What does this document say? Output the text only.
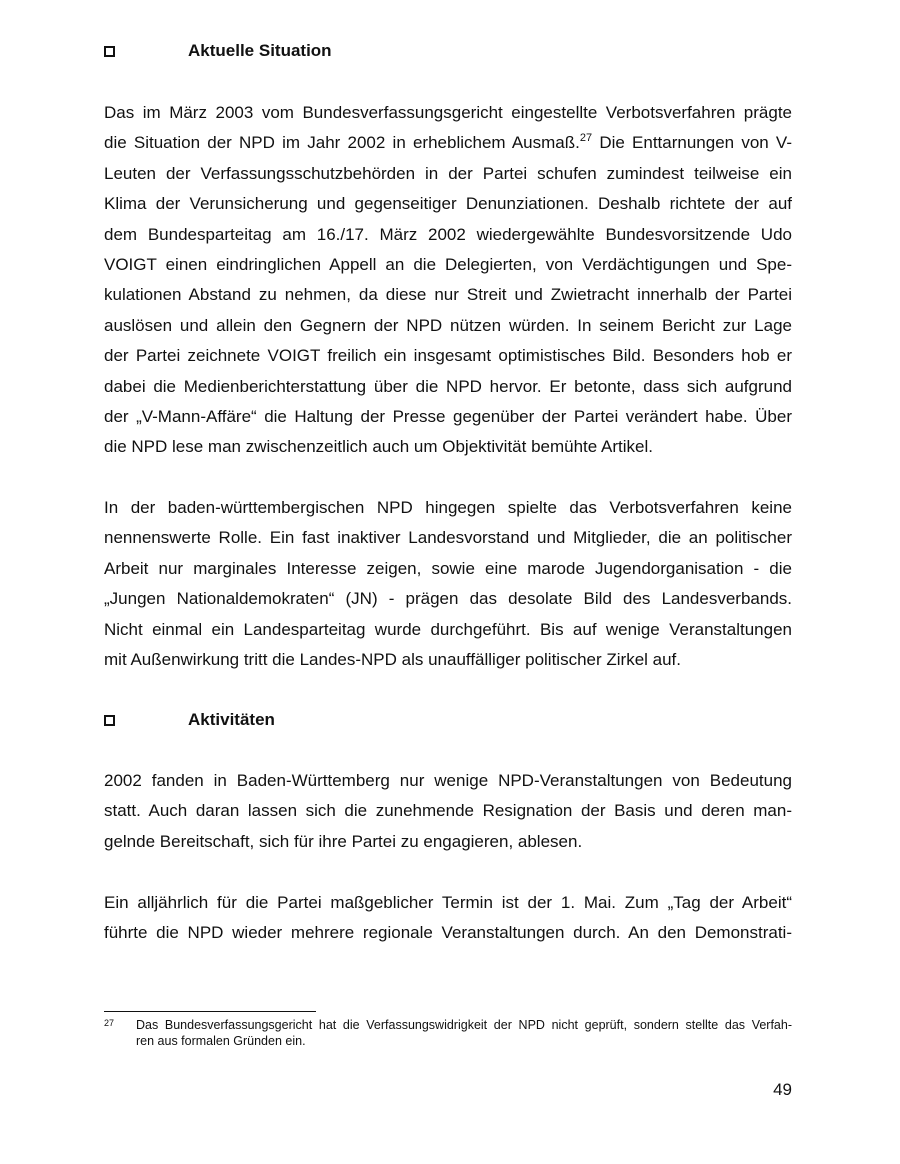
Aktuelle Situation
Das im März 2003 vom Bundesverfassungsgericht eingestellte Verbotsverfahren prägte
die Situation der NPD im Jahr 2002 in erheblichem Ausmaß.$^{27}$ Die Enttarnungen von V-
Leuten der Verfassungsschutzbehörden in der Partei schufen zumindest teilweise ein
Klima der Verunsicherung und gegenseitiger Denunziationen. Deshalb richtete der auf
dem Bundesparteitag am 16./17. März 2002 wiedergewählte Bundesvorsitzende Udo
VOIGT einen eindringlichen Appell an die Delegierten, von Verdächtigungen und Spe-
kulationen Abstand zu nehmen, da diese nur Streit und Zwietracht innerhalb der Partei
auslösen und allein den Gegnern der NPD nützen würden. In seinem Bericht zur Lage
der Partei zeichnete VOIGT freilich ein insgesamt optimistisches Bild. Besonders hob er
dabei die Medienberichterstattung über die NPD hervor. Er betonte, dass sich aufgrund
der „V-Mann-Affäre“ die Haltung der Presse gegenüber der Partei verändert habe. Über
die NPD lese man zwischenzeitlich auch um Objektivität bemühte Artikel.
In der baden-württembergischen NPD hingegen spielte das Verbotsverfahren keine
nennenswerte Rolle. Ein fast inaktiver Landesvorstand und Mitglieder, die an politischer
Arbeit nur marginales Interesse zeigen, sowie eine marode Jugendorganisation - die
„Jungen Nationaldemokraten“ (JN) - prägen das desolate Bild des Landesverbands.
Nicht einmal ein Landesparteitag wurde durchgeführt. Bis auf wenige Veranstaltungen
mit Außenwirkung tritt die Landes-NPD als unauffälliger politischer Zirkel auf.
Aktivitäten
2002 fanden in Baden-Württemberg nur wenige NPD-Veranstaltungen von Bedeutung
statt. Auch daran lassen sich die zunehmende Resignation der Basis und deren man-
gelnde Bereitschaft, sich für ihre Partei zu engagieren, ablesen.
Ein alljährlich für die Partei maßgeblicher Termin ist der 1. Mai. Zum „Tag der Arbeit“
führte die NPD wieder mehrere regionale Veranstaltungen durch. An den Demonstrati-
27 Das Bundesverfassungsgericht hat die Verfassungswidrigkeit der NPD nicht geprüft, sondern stellte das Verfah-
ren aus formalen Gründen ein.
49
